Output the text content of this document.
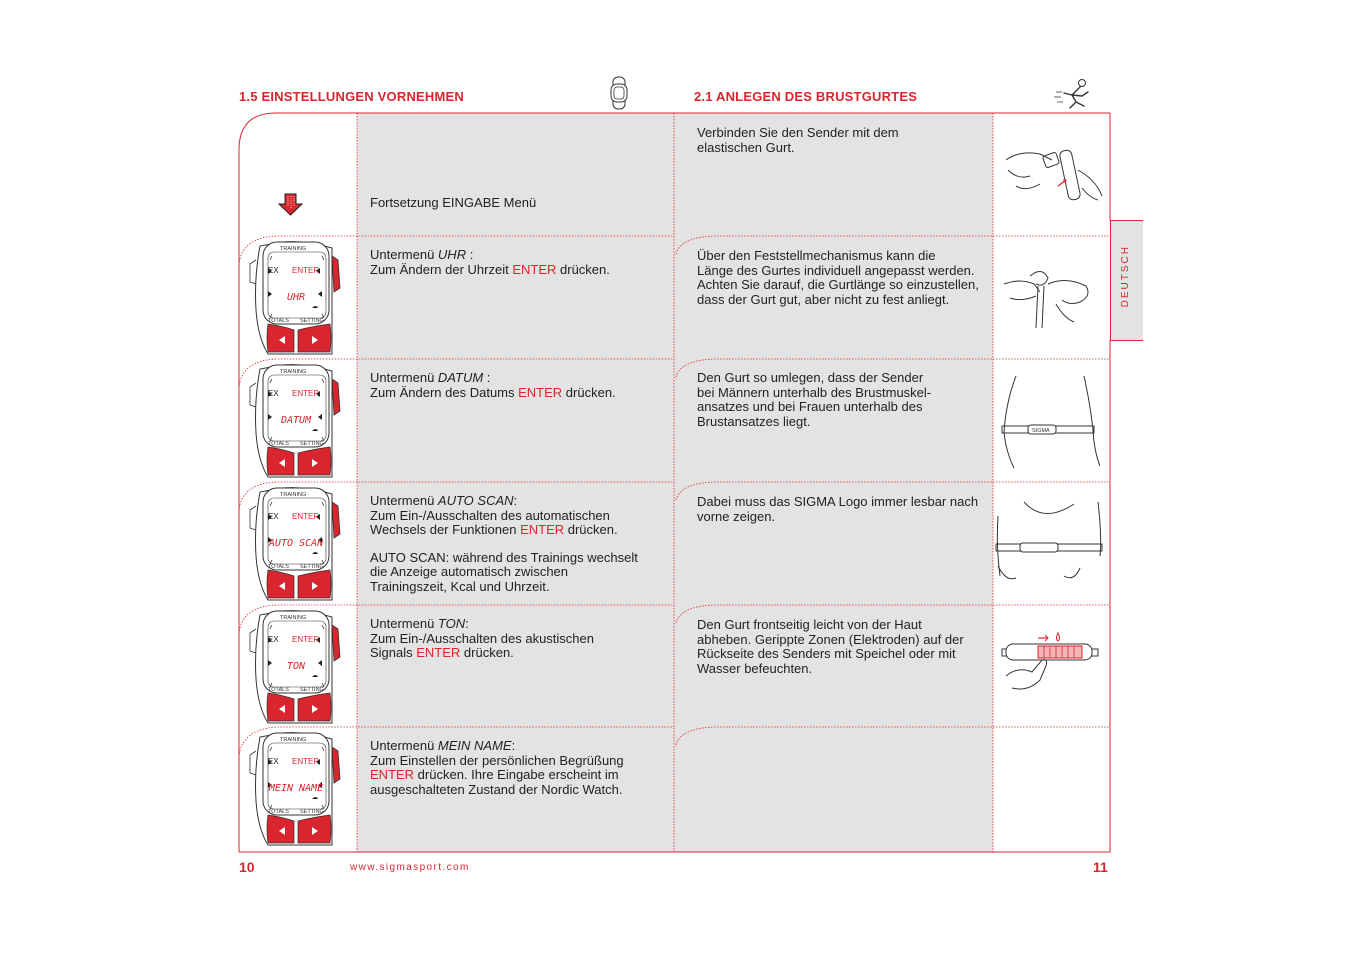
1.5 EINSTELLUNGEN VORNEHMEN	2.1 ANLEGEN DES BRUSTGURTES
DEUTSCH
Fortsetzung EINGABE Menü
TRAINING
EX ENTER
UHR
TOTALS SETTING
TRAINING
EX ENTER
DATUM
TOTALS SETTING
TRAINING
EX ENTER
AUTO SCAN
TOTALS SETTING
TRAINING
EX ENTER
TON
TOTALS SETTING
TRAINING
EX ENTER
MEIN NAME
TOTALS SETTING
Untermenü UHR :
Zum Ändern der Uhrzeit ENTER drücken.
Untermenü DATUM :
Zum Ändern des Datums ENTER drücken.
Untermenü AUTO SCAN:
Zum Ein-/Ausschalten des automatischen
Wechsels der Funktionen ENTER drücken.
AUTO SCAN: während des Trainings wechselt
die Anzeige automatisch zwischen
Trainingszeit, Kcal und Uhrzeit.
Untermenü TON:
Zum Ein-/Ausschalten des akustischen
Signals ENTER drücken.
Untermenü MEIN NAME:
Zum Einstellen der persönlichen Begrüßung
ENTER drücken. Ihre Eingabe erscheint im
ausgeschalteten Zustand der Nordic Watch.
Verbinden Sie den Sender mit dem
elastischen Gurt.
Über den Feststellmechanismus kann die
Länge des Gurtes individuell angepasst werden.
Achten Sie darauf, die Gurtlänge so einzustellen,
dass der Gurt gut, aber nicht zu fest anliegt.
Den Gurt so umlegen, dass der Sender
bei Männern unterhalb des Brustmuskel-
ansatzes und bei Frauen unterhalb des
Brustansatzes liegt.
Dabei muss das SIGMA Logo immer lesbar nach
vorne zeigen.
Den Gurt frontseitig leicht von der Haut
abheben. Gerippte Zonen (Elektroden) auf der
Rückseite des Senders mit Speichel oder mit
Wasser befeuchten.
SIGMA
10	www.sigmasport.com	11
